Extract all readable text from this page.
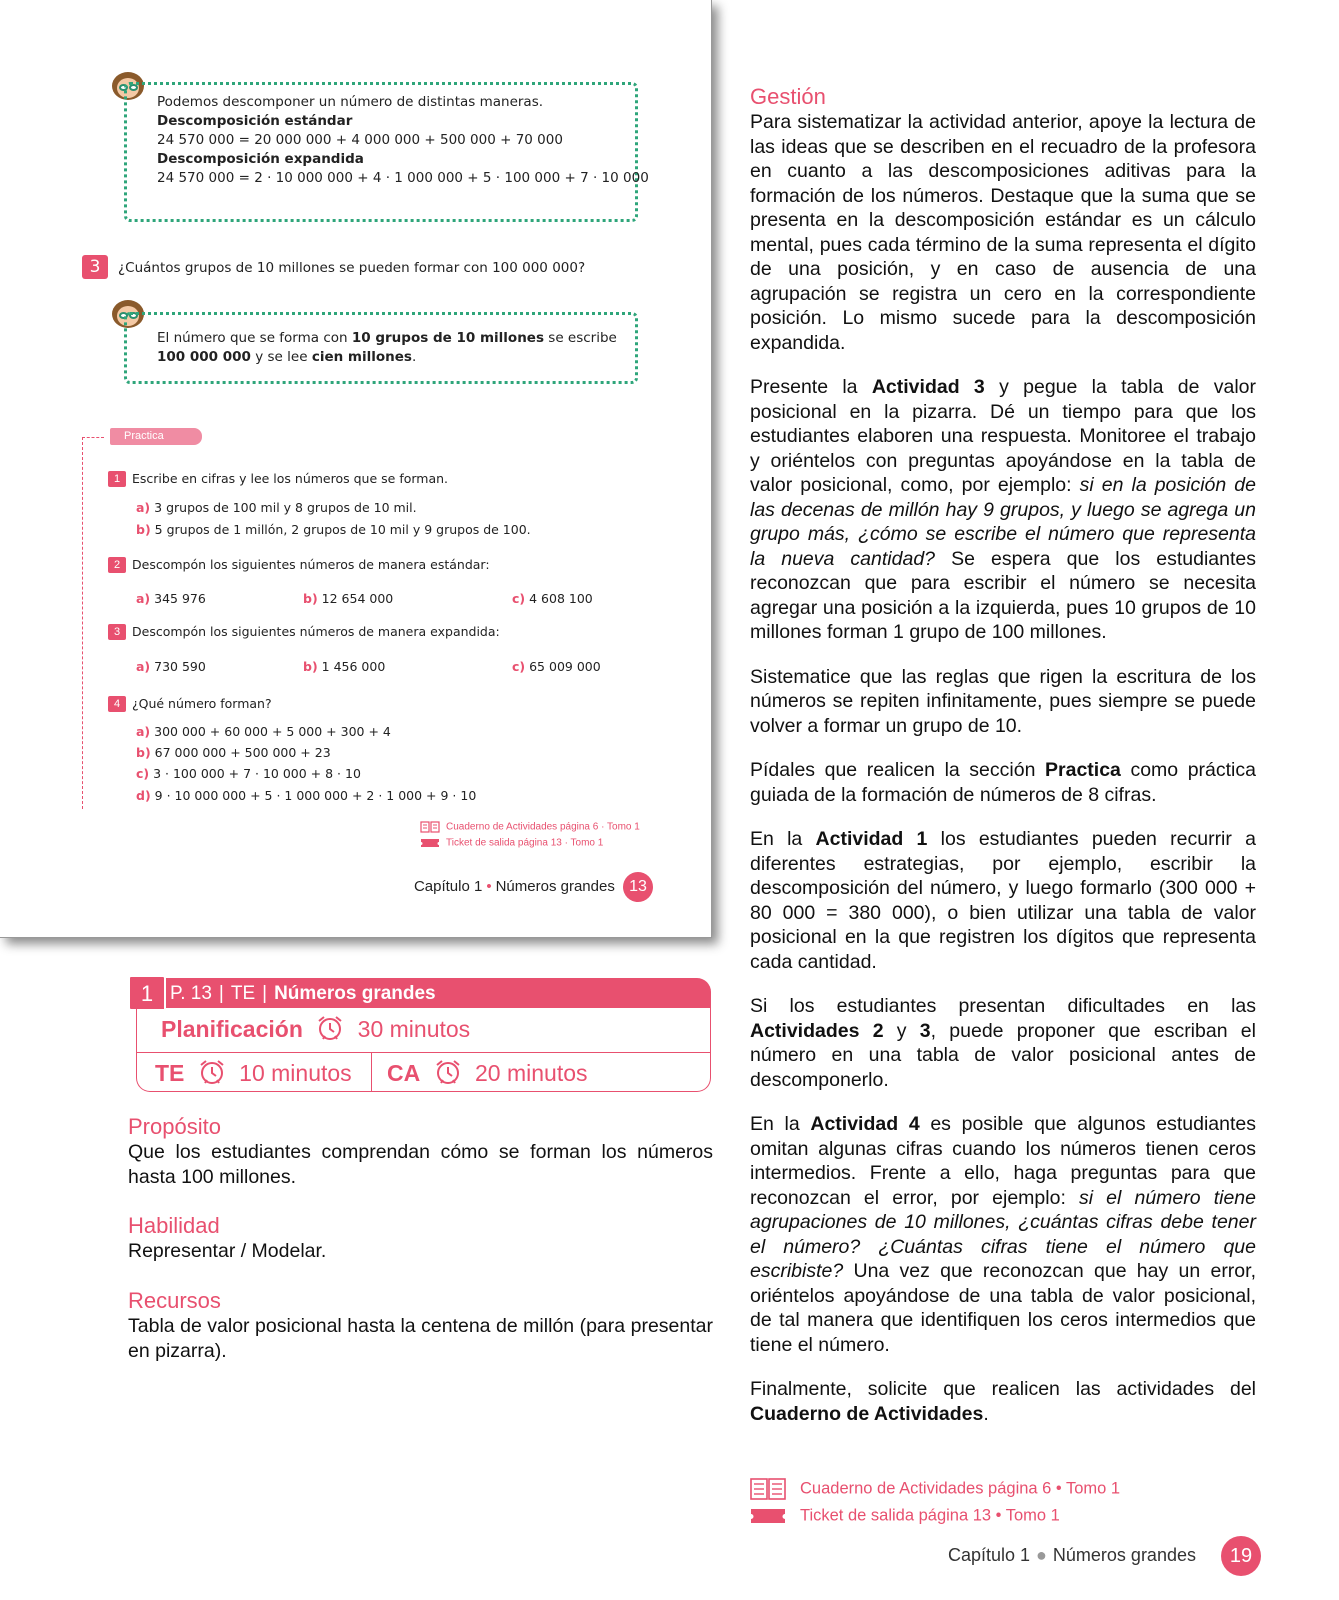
Podemos descomponer un número de distintas maneras.
Descomposición estándar
24 570 000 = 20 000 000 + 4 000 000 + 500 000 + 70 000
Descomposición expandida
24 570 000 = 2 · 10 000 000 + 4 · 1 000 000 + 5 · 100 000 + 7 · 10 000
3	¿Cuántos grupos de 10 millones se pueden formar con 100 000 000?
El número que se forma con 10 grupos de 10 millones se escribe
100 000 000 y se lee cien millones.
Practica
1 Escribe en cifras y lee los números que se forman.
a) 3 grupos de 100 mil y 8 grupos de 10 mil.
b) 5 grupos de 1 millón, 2 grupos de 10 mil y 9 grupos de 100.
2 Descompón los siguientes números de manera estándar:
a) 345 976	b) 12 654 000	c) 4 608 100
3 Descompón los siguientes números de manera expandida:
a) 730 590	b) 1 456 000	c) 65 009 000
4 ¿Qué número forman?
a) 300 000 + 60 000 + 5 000 + 300 + 4
b) 67 000 000 + 500 000 + 23
c) 3 · 100 000 + 7 · 10 000 + 8 · 10
d) 9 · 10 000 000 + 5 · 1 000 000 + 2 · 1 000 + 9 · 10
Cuaderno de Actividades página 6 · Tomo 1
Ticket de salida página 13 · Tomo 1
Capítulo 1 • Números grandes 13
P. 13 | TE | Números grandes
1
Planificación 30 minutos
TE 10 minutos CA 20 minutos
Propósito
Que los estudiantes comprendan cómo se forman los números hasta 100 millones.
Habilidad
Representar / Modelar.
Recursos
Tabla de valor posicional hasta la centena de millón (para presentar en pizarra).
Gestión

Para sistematizar la actividad anterior, apoye la lectura de las ideas que se describen en el recuadro de la profesora en cuanto a las descomposiciones aditivas para la formación de los números. Destaque que la suma que se presenta en la descomposición estándar es un cálculo mental, pues cada término de la suma representa el dígito de una posición, y en caso de ausencia de una agrupación se registra un cero en la correspondiente posición. Lo mismo sucede para la descomposición expandida.

Presente la Actividad 3 y pegue la tabla de valor posicional en la pizarra. Dé un tiempo para que los estudiantes elaboren una respuesta. Monitoree el trabajo y oriéntelos con preguntas apoyándose en la tabla de valor posicional, como, por ejemplo: si en la posición de las decenas de millón hay 9 grupos, y luego se agrega un grupo más, ¿cómo se escribe el número que representa la nueva cantidad? Se espera que los estudiantes reconozcan que para escribir el número se necesita agregar una posición a la izquierda, pues 10 grupos de 10 millones forman 1 grupo de 100 millones.

Sistematice que las reglas que rigen la escritura de los números se repiten infinitamente, pues siempre se puede volver a formar un grupo de 10.

Pídales que realicen la sección Practica como práctica guiada de la formación de números de 8 cifras.

En la Actividad 1 los estudiantes pueden recurrir a diferentes estrategias, por ejemplo, escribir la descomposición del número, y luego formarlo (300 000 + 80 000 = 380 000), o bien utilizar una tabla de valor posicional en la que registren los dígitos que representa cada cantidad.

Si los estudiantes presentan dificultades en las Actividades 2 y 3, puede proponer que escriban el número en una tabla de valor posicional antes de descomponerlo.

En la Actividad 4 es posible que algunos estudiantes omitan algunas cifras cuando los números tienen ceros intermedios. Frente a ello, haga preguntas para que reconozcan el error, por ejemplo: si el número tiene agrupaciones de 10 millones, ¿cuántas cifras debe tener el número? ¿Cuántas cifras tiene el número que escribiste? Una vez que reconozcan que hay un error, oriéntelos apoyándose de una tabla de valor posicional, de tal manera que identifiquen los ceros intermedios que tiene el número.

Finalmente, solicite que realicen las actividades del Cuaderno de Actividades.

Cuaderno de Actividades página 6 • Tomo 1
Ticket de salida página 13 • Tomo 1
Capítulo 1 ● Números grandes 19
